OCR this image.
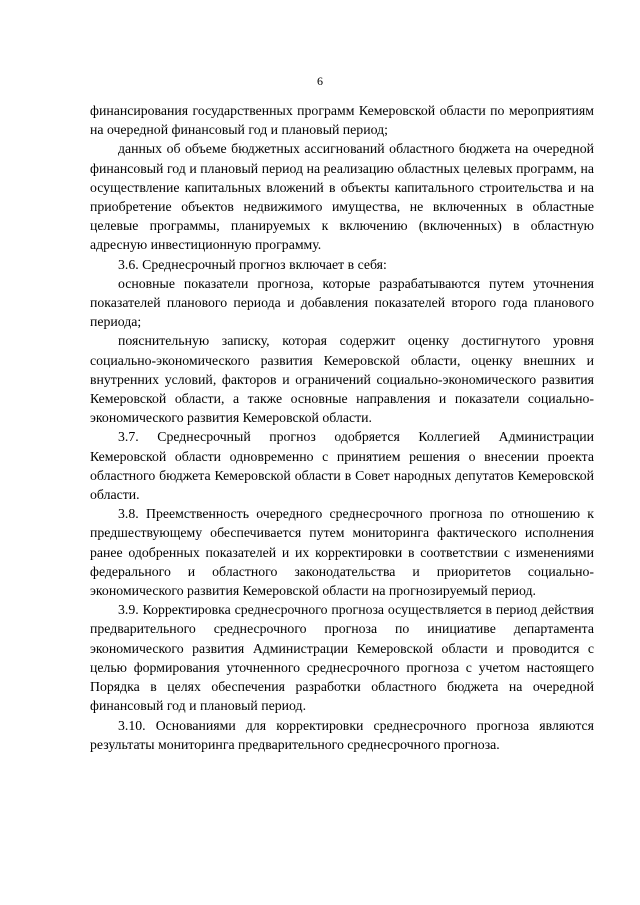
6

финансирования государственных программ Кемеровской области по мероприятиям на очередной финансовый год и плановый период;

данных об объеме бюджетных ассигнований областного бюджета на очередной финансовый год и плановый период на реализацию областных целевых программ, на осуществление капитальных вложений в объекты капитального строительства и на приобретение объектов недвижимого имущества, не включенных в областные целевые программы, планируемых к включению (включенных) в областную адресную инвестиционную программу.

3.6. Среднесрочный прогноз включает в себя:

основные показатели прогноза, которые разрабатываются путем уточнения показателей планового периода и добавления показателей второго года планового периода;

пояснительную записку, которая содержит оценку достигнутого уровня социально-экономического развития Кемеровской области, оценку внешних и внутренних условий, факторов и ограничений социально-экономического развития Кемеровской области, а также основные направления и показатели социально-экономического развития Кемеровской области.

3.7. Среднесрочный прогноз одобряется Коллегией Администрации Кемеровской области одновременно с принятием решения о внесении проекта областного бюджета Кемеровской области в Совет народных депутатов Кемеровской области.

3.8. Преемственность очередного среднесрочного прогноза по отношению к предшествующему обеспечивается путем мониторинга фактического исполнения ранее одобренных показателей и их корректировки в соответствии с изменениями федерального и областного законодательства и приоритетов социально-экономического развития Кемеровской области на прогнозируемый период.

3.9. Корректировка среднесрочного прогноза осуществляется в период действия предварительного среднесрочного прогноза по инициативе департамента экономического развития Администрации Кемеровской области и проводится с целью формирования уточненного среднесрочного прогноза с учетом настоящего Порядка в целях обеспечения разработки областного бюджета на очередной финансовый год и плановый период.

3.10. Основаниями для корректировки среднесрочного прогноза являются результаты мониторинга предварительного среднесрочного прогноза.
